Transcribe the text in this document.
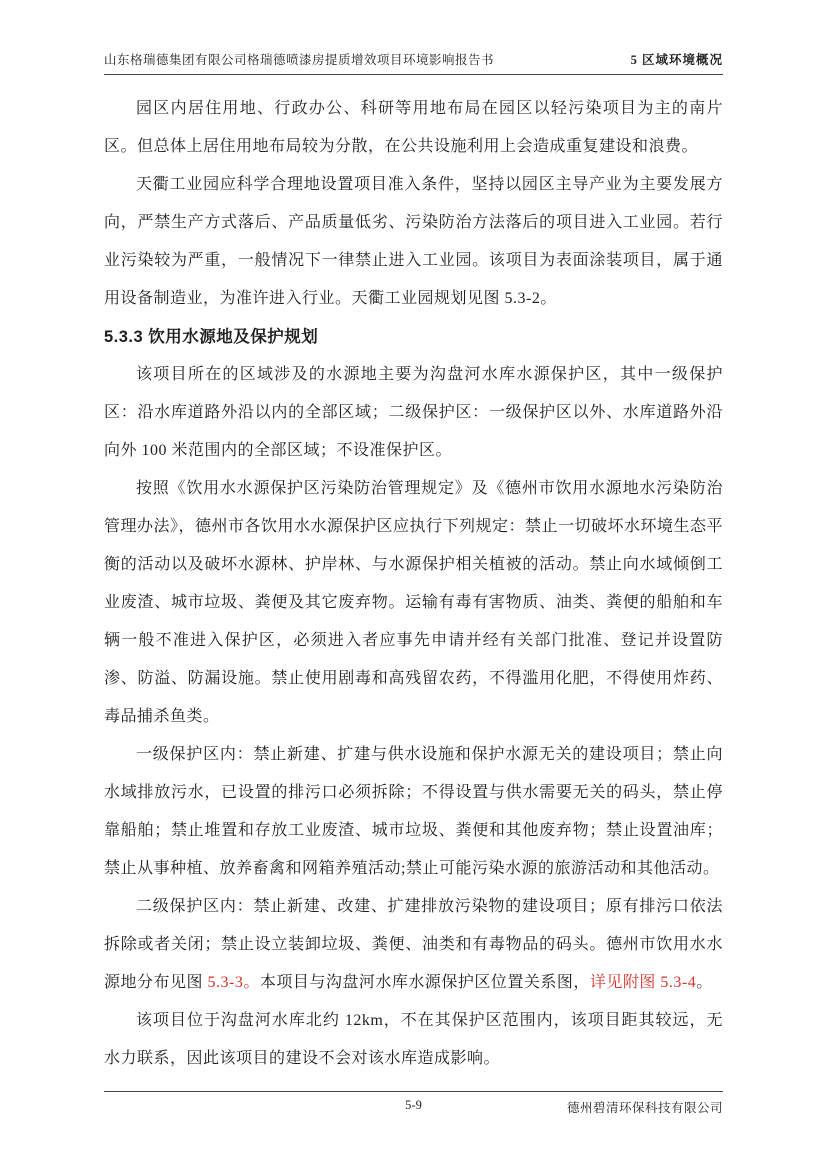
山东格瑞德集团有限公司格瑞德喷漆房提质增效项目环境影响报告书	5 区域环境概况

园区内居住用地、行政办公、科研等用地布局在园区以轻污染项目为主的南片区。但总体上居住用地布局较为分散，在公共设施利用上会造成重复建设和浪费。

天衢工业园应科学合理地设置项目准入条件，坚持以园区主导产业为主要发展方向，严禁生产方式落后、产品质量低劣、污染防治方法落后的项目进入工业园。若行业污染较为严重，一般情况下一律禁止进入工业园。该项目为表面涂装项目，属于通用设备制造业，为准许进入行业。天衢工业园规划见图 5.3-2。

5.3.3 饮用水源地及保护规划

该项目所在的区域涉及的水源地主要为沟盘河水库水源保护区，其中一级保护区：沿水库道路外沿以内的全部区域；二级保护区：一级保护区以外、水库道路外沿向外 100 米范围内的全部区域；不设准保护区。

按照《饮用水水源保护区污染防治管理规定》及《德州市饮用水源地水污染防治管理办法》，德州市各饮用水水源保护区应执行下列规定：禁止一切破坏水环境生态平衡的活动以及破坏水源林、护岸林、与水源保护相关植被的活动。禁止向水域倾倒工业废渣、城市垃圾、粪便及其它废弃物。运输有毒有害物质、油类、粪便的船舶和车辆一般不准进入保护区，必须进入者应事先申请并经有关部门批准、登记并设置防渗、防溢、防漏设施。禁止使用剧毒和高残留农药，不得滥用化肥，不得使用炸药、毒品捕杀鱼类。

一级保护区内：禁止新建、扩建与供水设施和保护水源无关的建设项目；禁止向水域排放污水，已设置的排污口必须拆除；不得设置与供水需要无关的码头，禁止停靠船舶；禁止堆置和存放工业废渣、城市垃圾、粪便和其他废弃物；禁止设置油库；禁止从事种植、放养畜禽和网箱养殖活动;禁止可能污染水源的旅游活动和其他活动。

二级保护区内：禁止新建、改建、扩建排放污染物的建设项目；原有排污口依法拆除或者关闭；禁止设立装卸垃圾、粪便、油类和有毒物品的码头。德州市饮用水水源地分布见图 5.3-3。本项目与沟盘河水库水源保护区位置关系图，详见附图 5.3-4。

该项目位于沟盘河水库北约 12km，不在其保护区范围内，该项目距其较远，无水力联系，因此该项目的建设不会对该水库造成影响。

5-9	德州碧清环保科技有限公司
